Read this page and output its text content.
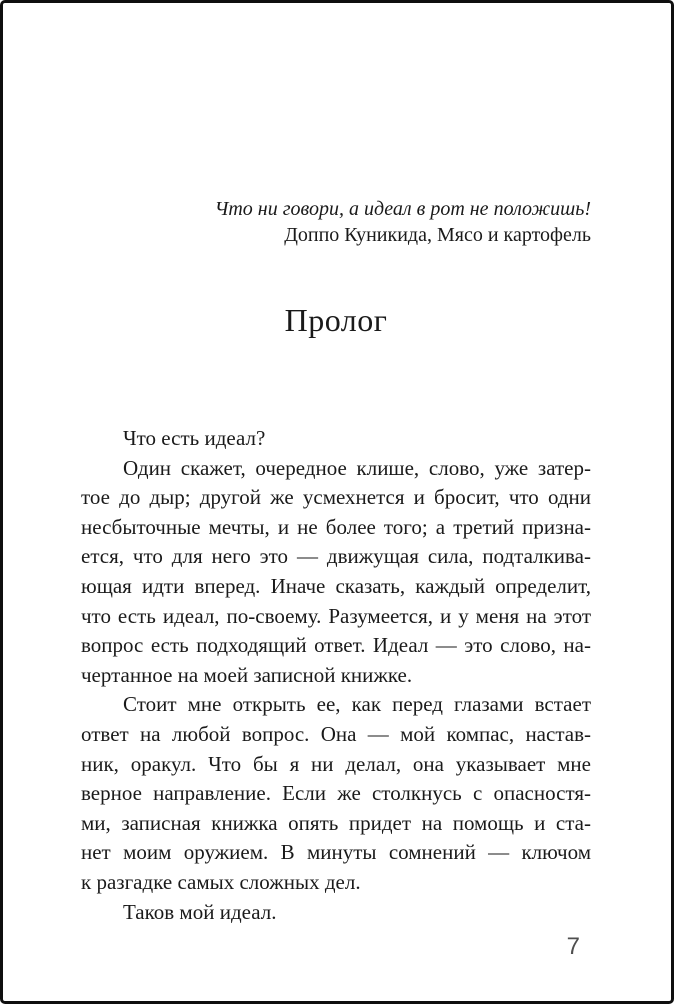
Что ни говори, а идеал в рот не положишь!
Доппо Куникида, Мясо и картофель
Пролог
Что есть идеал?
Один скажет, очередное клише, слово, уже затер-
тое до дыр; другой же усмехнется и бросит, что одни
несбыточные мечты, и не более того; а третий призна-
ется, что для него это — движущая сила, подталкива-
ющая идти вперед. Иначе сказать, каждый определит,
что есть идеал, по-своему. Разумеется, и у меня на этот
вопрос есть подходящий ответ. Идеал — это слово, на-
чертанное на моей записной книжке.
Стоит мне открыть ее, как перед глазами встает
ответ на любой вопрос. Она — мой компас, настав-
ник, оракул. Что бы я ни делал, она указывает мне
верное направление. Если же столкнусь с опасностя-
ми, записная книжка опять придет на помощь и ста-
нет моим оружием. В минуты сомнений — ключом
к разгадке самых сложных дел.
Таков мой идеал.
7
